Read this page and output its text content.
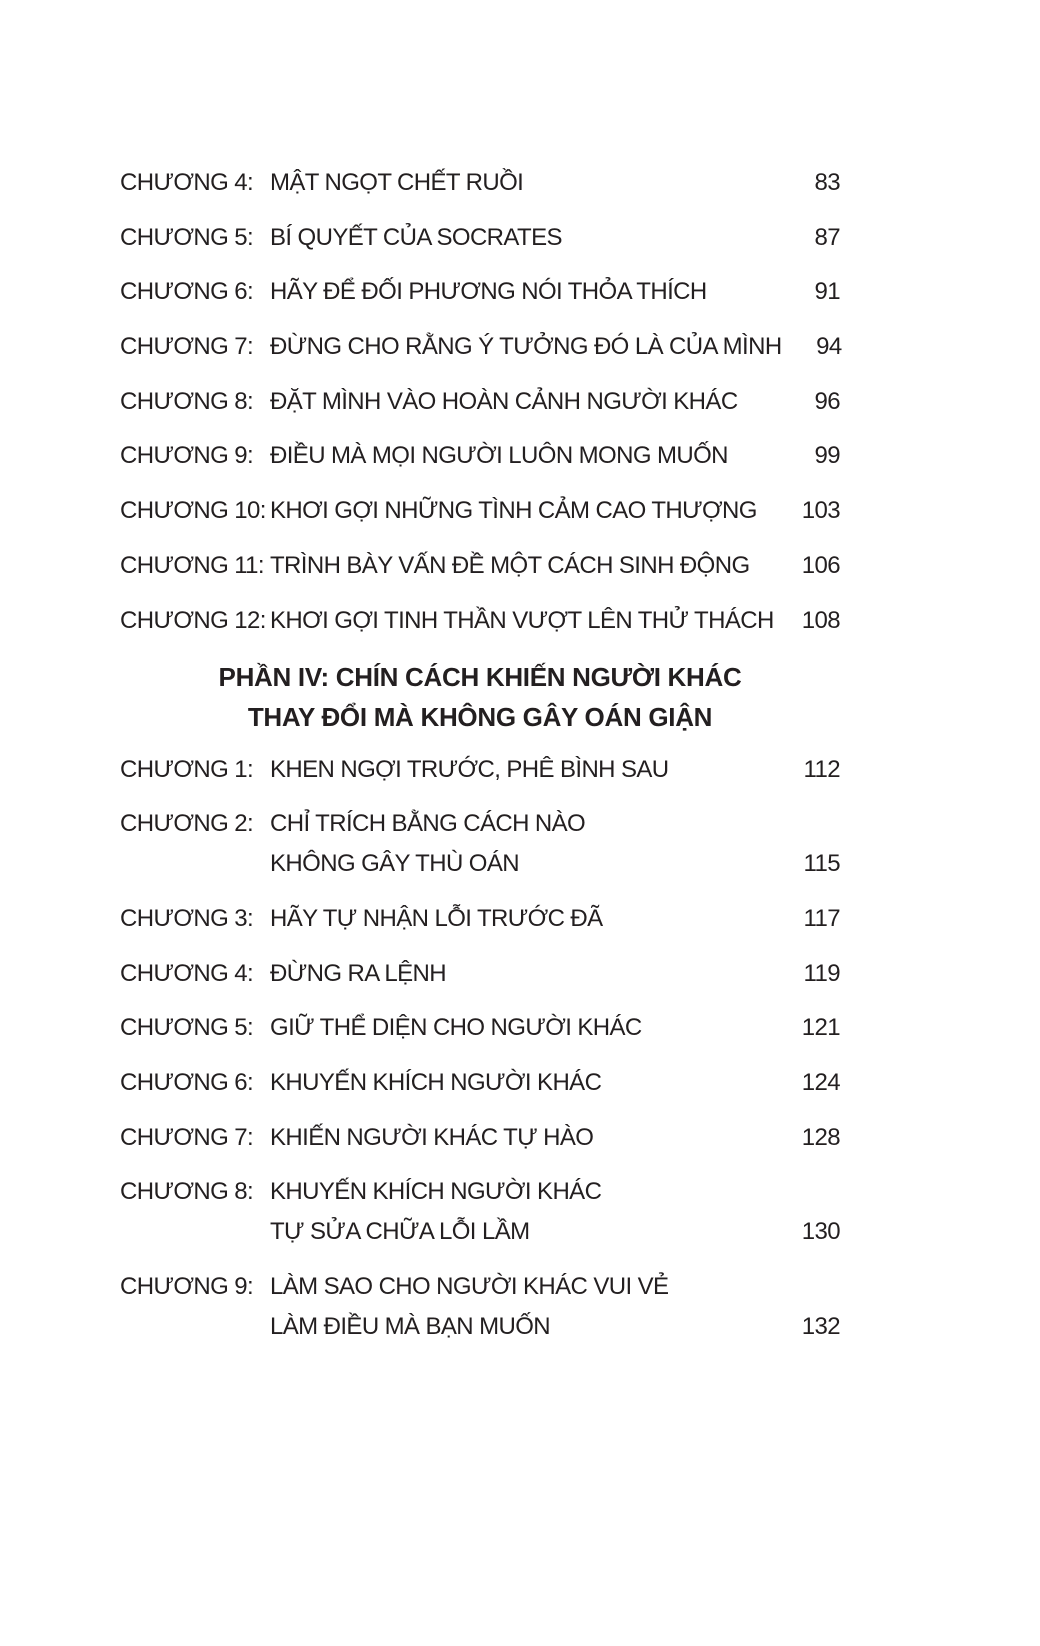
CHƯƠNG 4: MẬT NGỌT CHẾT RUỒI	83
CHƯƠNG 5: BÍ QUYẾT CỦA SOCRATES	87
CHƯƠNG 6: HÃY ĐỂ ĐỐI PHƯƠNG NÓI THỎA THÍCH	91
CHƯƠNG 7: ĐỪNG CHO RẰNG Ý TƯỞNG ĐÓ LÀ CỦA MÌNH	94
CHƯƠNG 8: ĐẶT MÌNH VÀO HOÀN CẢNH NGƯỜI KHÁC	96
CHƯƠNG 9: ĐIỀU MÀ MỌI NGƯỜI LUÔN MONG MUỐN	99
CHƯƠNG 10: KHƠI GỢI NHỮNG TÌNH CẢM CAO THƯỢNG	103
CHƯƠNG 11: TRÌNH BÀY VẤN ĐỀ MỘT CÁCH SINH ĐỘNG	106
CHƯƠNG 12: KHƠI GỢI TINH THẦN VƯỢT LÊN THỬ THÁCH	108
PHẦN IV: CHÍN CÁCH KHIẾN NGƯỜI KHÁC
THAY ĐỔI MÀ KHÔNG GÂY OÁN GIẬN
CHƯƠNG 1: KHEN NGỢI TRƯỚC, PHÊ BÌNH SAU	112
CHƯƠNG 2: CHỈ TRÍCH BẰNG CÁCH NÀO
KHÔNG GÂY THÙ OÁN	115
CHƯƠNG 3: HÃY TỰ NHẬN LỖI TRƯỚC ĐÃ	117
CHƯƠNG 4: ĐỪNG RA LỆNH	119
CHƯƠNG 5: GIỮ THỂ DIỆN CHO NGƯỜI KHÁC	121
CHƯƠNG 6: KHUYẾN KHÍCH NGƯỜI KHÁC	124
CHƯƠNG 7: KHIẾN NGƯỜI KHÁC TỰ HÀO	128
CHƯƠNG 8: KHUYẾN KHÍCH NGƯỜI KHÁC
TỰ SỬA CHỮA LỖI LẦM	130
CHƯƠNG 9: LÀM SAO CHO NGƯỜI KHÁC VUI VẺ
LÀM ĐIỀU MÀ BẠN MUỐN	132
